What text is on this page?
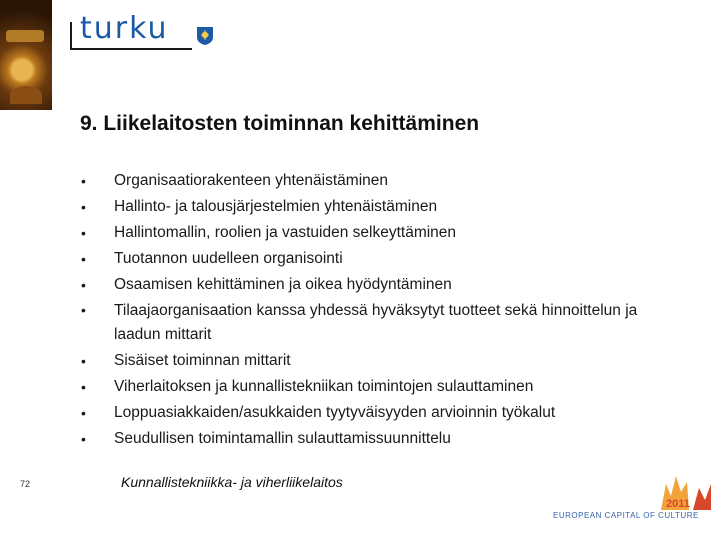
turku
9. Liikelaitosten toiminnan kehittäminen
• Organisaatiorakenteen yhtenäistäminen
• Hallinto- ja talousjärjestelmien yhtenäistäminen
• Hallintomallin, roolien ja vastuiden selkeyttäminen
• Tuotannon uudelleen organisointi
• Osaamisen kehittäminen ja oikea hyödyntäminen
• Tilaajaorganisaation kanssa yhdessä hyväksytyt tuotteet sekä hinnoittelun ja laadun mittarit
• Sisäiset toiminnan mittarit
• Viherlaitoksen ja kunnallistekniikan toimintojen sulauttaminen
• Loppuasiakkaiden/asukkaiden tyytyväisyyden arvioinnin työkalut
• Seudullisen toimintamallin sulauttamissuunnittelu
72	Kunnallistekniikka- ja viherliikelaitos
2011
EUROPEAN CAPITAL OF CULTURE
